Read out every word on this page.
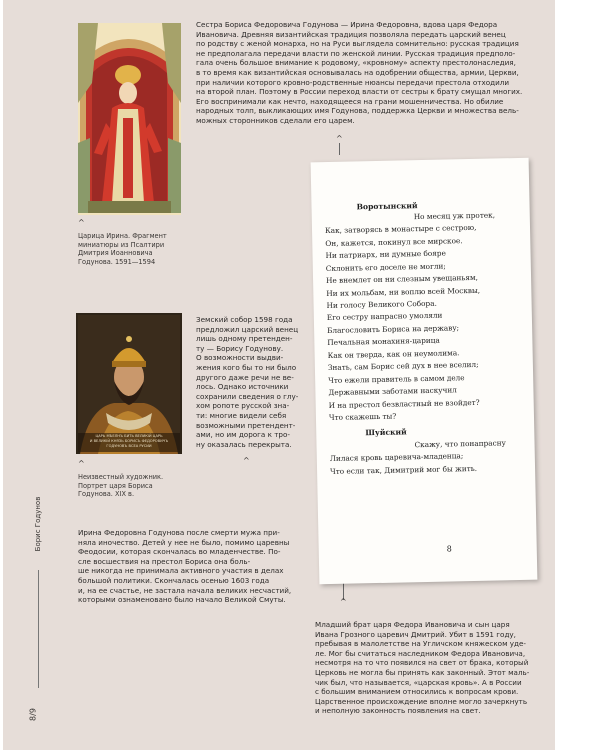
^

Царица Ирина. Фрагмент
миниатюры из Псалтири
Дмитрия Иоанновича
Годунова. 1591—1594

Сестра Бориса Федоровича Годунова — Ирина Федоровна, вдова царя Федора
Ивановича. Древняя византийская традиция позволяла передать царский венец
по родству с женой монарха, но на Руси выглядела сомнительно: русская традиция
не предполагала передачи власти по женской линии. Русская традиция предполо-
гала очень большое внимание к родовому, «кровному» аспекту престолонаследия,
в то время как византийская основывалась на одобрении общества, армии, Церкви,
при наличии которого кровно-родственные нюансы передачи престола отходили
на второй план. Поэтому в России переход власти от сестры к брату смущал многих.
Его воспринимали как нечто, находящееся на грани мошенничества. Но обилие
народных толп, выкликающих имя Годунова, поддержка Церкви и множества вель-
можных сторонников сделали его царем.

^

ЦАРЬ МѢЕЛНЪ БИТЬ ВЕЛИКІЙ ЦАРЬ
И ВЕЛИКІЙ КНЯЗЬ БОРИСЪ ФЕДОРОВИЧЪ
ГОДУНОВЪ ВСЕА РУСИИ

^

Неизвестный художник.
Портрет царя Бориса
Годунова. XIX в.

Земский собор 1598 года
предложил царский венец
лишь одному претенден-
ту — Борису Годунову.
О возможности выдви-
жения кого бы то ни было
другого даже речи не ве-
лось. Однако источники
сохранили сведения о глу-
хом ропоте русской зна-
ти: многие видели себя
возможными претендент-
ами, но им дорога к тро-
ну оказалась перекрыта.

^
Борис Годунов
8/9

Ирина Федоровна Годунова после смерти мужа при-
няла иночество. Детей у нее не было, помимо царевны
Феодосии, которая скончалась во младенчестве. По-
сле восшествия на престол Бориса она боль-
ше никогда не принимала активного участия в делах
большой политики. Скончалась осенью 1603 года
и, на ее счастье, не застала начала великих несчастий,
которыми ознаменовано было начало Великой Смуты.	^

Младший брат царя Федора Ивановича и сын царя
Ивана Грозного царевич Дмитрий. Убит в 1591 году,
пребывая в малолетстве на Угличском княжеском уде-
ле. Мог бы считаться наследником Федора Ивановича,
несмотря на то что появился на свет от брака, который
Церковь не могла бы принять как законный. Этот маль-
чик был, что называется, «царская кровь». А в России
с большим вниманием относились к вопросам крови.
Царственное происхождение вполне могло зачеркнуть
и неполную законность появления на свет.

Воротынский
Но месяц уж протек,
Как, затворясь в монастыре с сестрою,
Он, кажется, покинул все мирское.
Ни патриарх, ни думные бояре
Склонить его доселе не могли;
Не внемлет он ни слезным увещаньям,
Ни их мольбам, ни воплю всей Москвы,
Ни голосу Великого Собора.
Его сестру напрасно умоляли
Благословить Бориса на державу;
Печальная монахиня-царица
Как он тверда, как он неумолима.
Знать, сам Борис сей дух в нее вселил;
Что ежели правитель в самом деле
Державными заботами наскучил
И на престол безвластный не взойдет?
Что скажешь ты?
Шуйский
Скажу, что понапрасну
Лилася кровь царевича-младенца;
Что если так, Димитрий мог бы жить.
8
